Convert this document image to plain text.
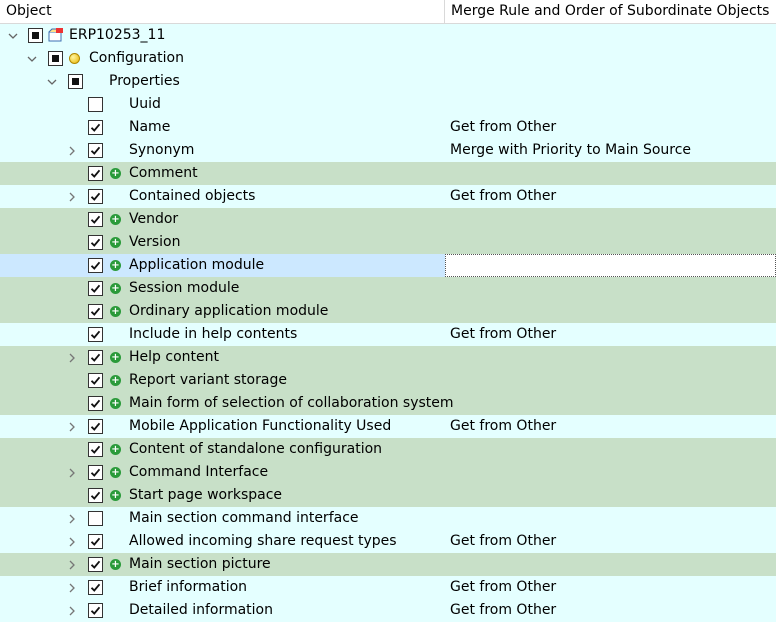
Object	Merge Rule and Order of Subordinate Objects
ERP10253_11
Configuration
Properties
Uuid
Name	Get from Other
Synonym	Merge with Priority to Main Source
+ Comment
Contained objects	Get from Other
+ Vendor
+ Version
+ Application module
+ Session module
+ Ordinary application module
Include in help contents	Get from Other
+ Help content
+ Report variant storage
+ Main form of selection of collaboration system
Mobile Application Functionality Used	Get from Other
+ Content of standalone configuration
+ Command Interface
+ Start page workspace
Main section command interface
Allowed incoming share request types	Get from Other
+ Main section picture
Brief information	Get from Other
Detailed information	Get from Other
